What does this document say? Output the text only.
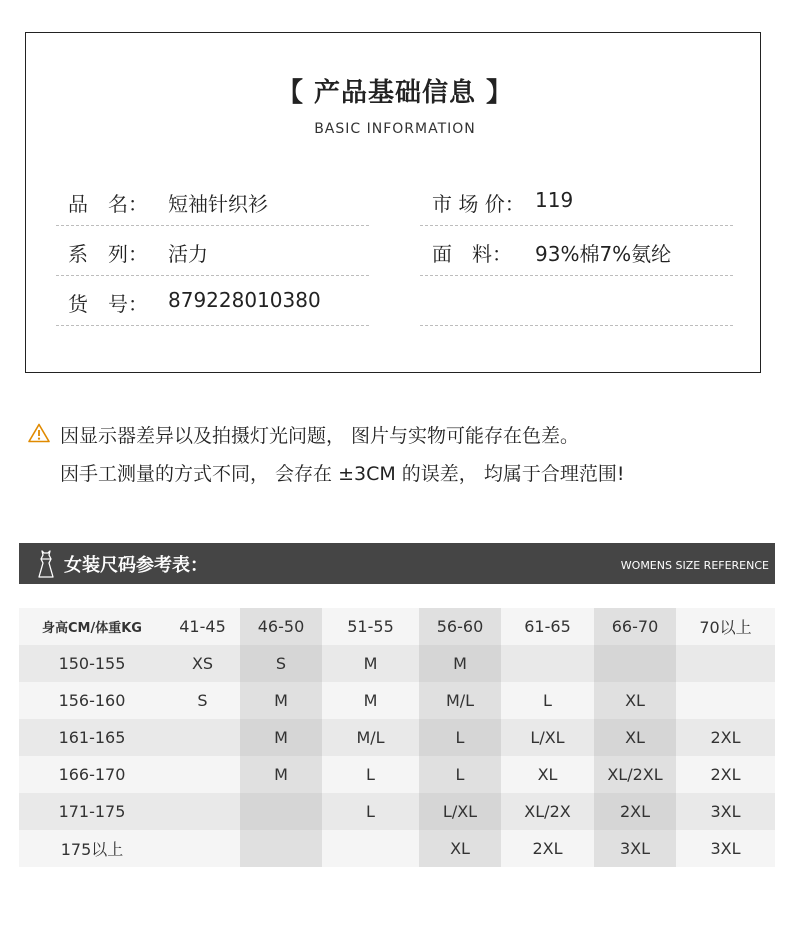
【 产品基础信息 】
BASIC INFORMATION
品　名： 短袖针织衫
系　列： 活力
货　号： 879228010380
市 场 价： 119
面　料： 93%棉7%氨纶
因显示器差异以及拍摄灯光问题， 图片与实物可能存在色差。
因手工测量的方式不同， 会存在 ±3CM 的误差， 均属于合理范围!
女装尺码参考表：	WOMENS SIZE REFERENCE
身高CM/体重KG	41-45	46-50	51-55	56-60	61-65	66-70	70以上
150-155	XS	S	M	M			
156-160	S	M	M	M/L	L	XL	
161-165		M	M/L	L	L/XL	XL	2XL
166-170		M	L	L	XL	XL/2XL	2XL
171-175			L	L/XL	XL/2X	2XL	3XL
175以上				XL	2XL	3XL	3XL
